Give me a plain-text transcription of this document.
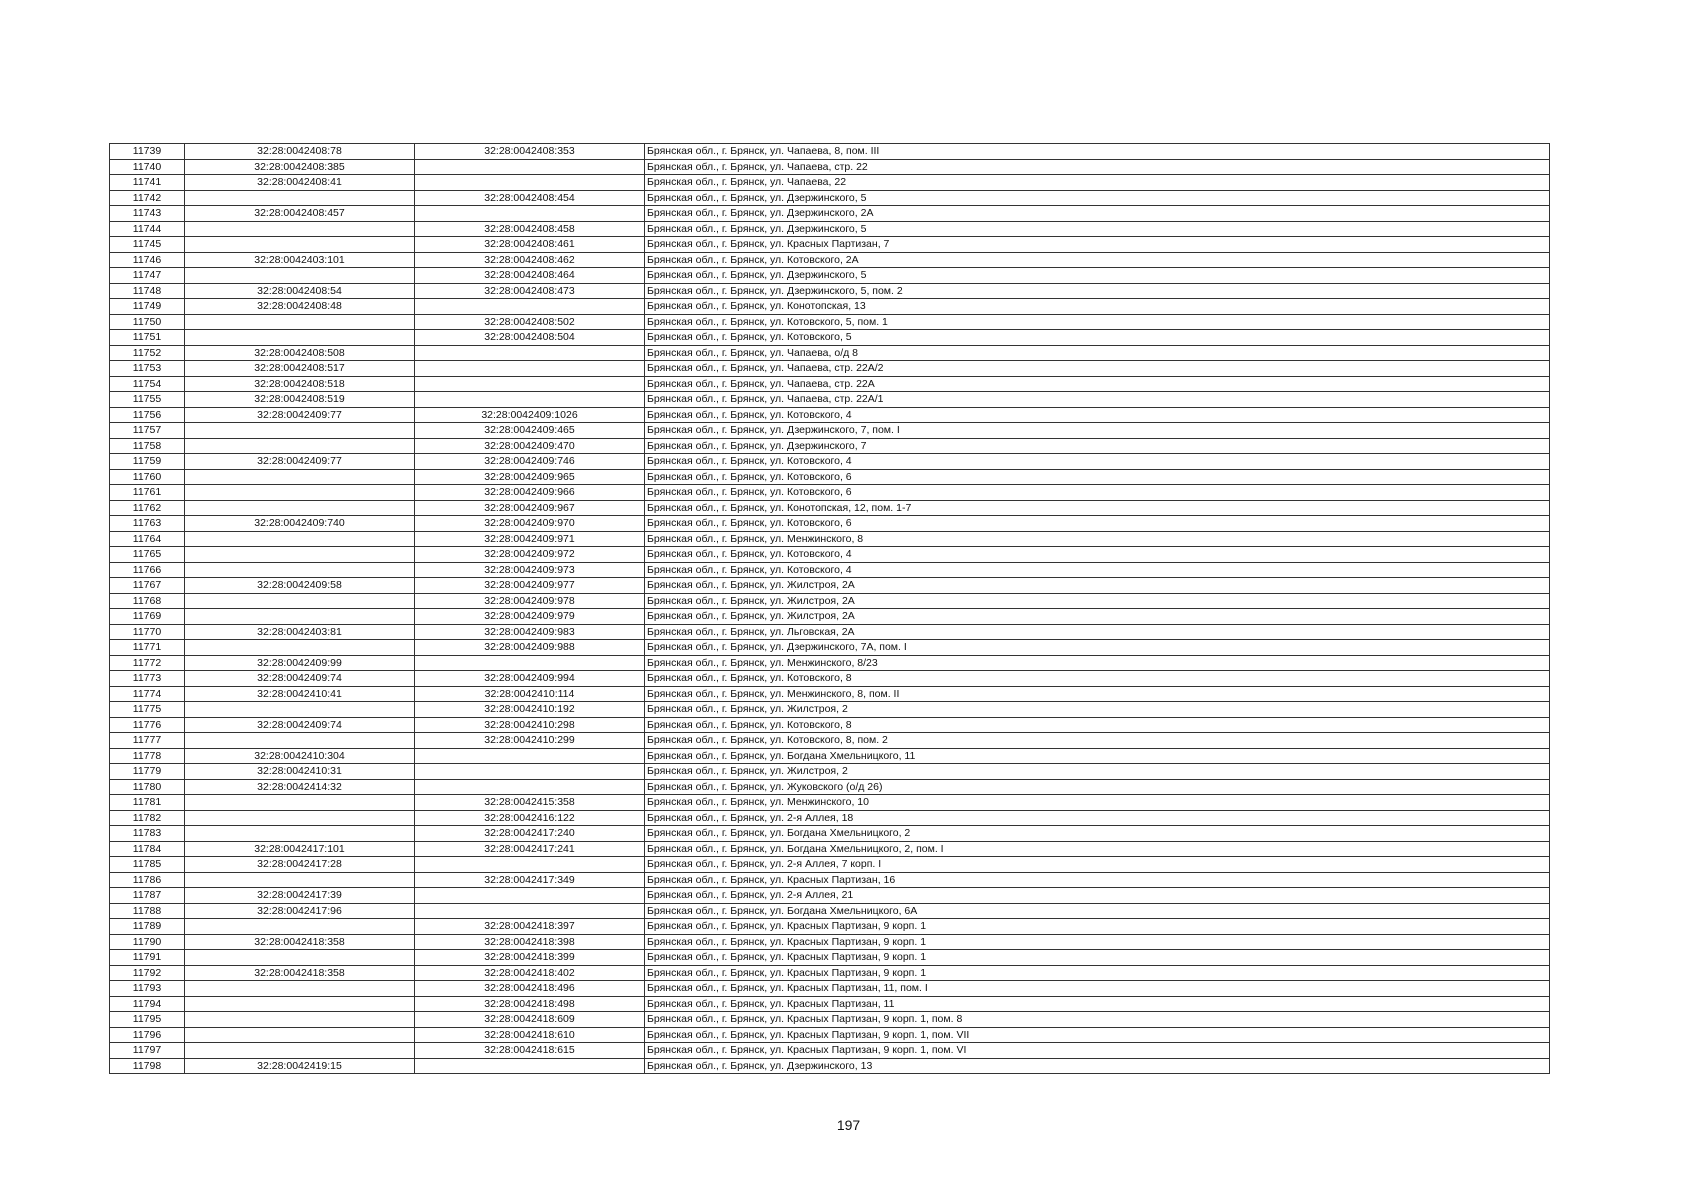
11739	32:28:0042408:78	32:28:0042408:353	Брянская обл., г. Брянск, ул. Чапаева, 8, пом. III
11740	32:28:0042408:385		Брянская обл., г. Брянск, ул. Чапаева, стр. 22
11741	32:28:0042408:41		Брянская обл., г. Брянск, ул. Чапаева, 22
11742		32:28:0042408:454	Брянская обл., г. Брянск, ул. Дзержинского, 5
11743	32:28:0042408:457		Брянская обл., г. Брянск, ул. Дзержинского, 2А
11744		32:28:0042408:458	Брянская обл., г. Брянск, ул. Дзержинского, 5
11745		32:28:0042408:461	Брянская обл., г. Брянск, ул. Красных Партизан, 7
11746	32:28:0042403:101	32:28:0042408:462	Брянская обл., г. Брянск, ул. Котовского, 2А
11747		32:28:0042408:464	Брянская обл., г. Брянск, ул. Дзержинского, 5
11748	32:28:0042408:54	32:28:0042408:473	Брянская обл., г. Брянск, ул. Дзержинского, 5, пом. 2
11749	32:28:0042408:48		Брянская обл., г. Брянск, ул. Конотопская, 13
11750		32:28:0042408:502	Брянская обл., г. Брянск, ул. Котовского, 5, пом. 1
11751		32:28:0042408:504	Брянская обл., г. Брянск, ул. Котовского, 5
11752	32:28:0042408:508		Брянская обл., г. Брянск, ул. Чапаева, о/д 8
11753	32:28:0042408:517		Брянская обл., г. Брянск, ул. Чапаева, стр. 22А/2
11754	32:28:0042408:518		Брянская обл., г. Брянск, ул. Чапаева, стр. 22А
11755	32:28:0042408:519		Брянская обл., г. Брянск, ул. Чапаева, стр. 22А/1
11756	32:28:0042409:77	32:28:0042409:1026	Брянская обл., г. Брянск, ул. Котовского, 4
11757		32:28:0042409:465	Брянская обл., г. Брянск, ул. Дзержинского, 7, пом. I
11758		32:28:0042409:470	Брянская обл., г. Брянск, ул. Дзержинского, 7
11759	32:28:0042409:77	32:28:0042409:746	Брянская обл., г. Брянск, ул. Котовского, 4
11760		32:28:0042409:965	Брянская обл., г. Брянск, ул. Котовского, 6
11761		32:28:0042409:966	Брянская обл., г. Брянск, ул. Котовского, 6
11762		32:28:0042409:967	Брянская обл., г. Брянск, ул. Конотопская, 12, пом. 1-7
11763	32:28:0042409:740	32:28:0042409:970	Брянская обл., г. Брянск, ул. Котовского, 6
11764		32:28:0042409:971	Брянская обл., г. Брянск, ул. Менжинского, 8
11765		32:28:0042409:972	Брянская обл., г. Брянск, ул. Котовского, 4
11766		32:28:0042409:973	Брянская обл., г. Брянск, ул. Котовского, 4
11767	32:28:0042409:58	32:28:0042409:977	Брянская обл., г. Брянск, ул. Жилстроя, 2А
11768		32:28:0042409:978	Брянская обл., г. Брянск, ул. Жилстроя, 2А
11769		32:28:0042409:979	Брянская обл., г. Брянск, ул. Жилстроя, 2А
11770	32:28:0042403:81	32:28:0042409:983	Брянская обл., г. Брянск, ул. Льговская, 2А
11771		32:28:0042409:988	Брянская обл., г. Брянск, ул. Дзержинского, 7А, пом. I
11772	32:28:0042409:99		Брянская обл., г. Брянск, ул. Менжинского, 8/23
11773	32:28:0042409:74	32:28:0042409:994	Брянская обл., г. Брянск, ул. Котовского, 8
11774	32:28:0042410:41	32:28:0042410:114	Брянская обл., г. Брянск, ул. Менжинского, 8, пом. II
11775		32:28:0042410:192	Брянская обл., г. Брянск, ул. Жилстроя, 2
11776	32:28:0042409:74	32:28:0042410:298	Брянская обл., г. Брянск, ул. Котовского, 8
11777		32:28:0042410:299	Брянская обл., г. Брянск, ул. Котовского, 8, пом. 2
11778	32:28:0042410:304		Брянская обл., г. Брянск, ул. Богдана Хмельницкого, 11
11779	32:28:0042410:31		Брянская обл., г. Брянск, ул. Жилстроя, 2
11780	32:28:0042414:32		Брянская обл., г. Брянск, ул. Жуковского (о/д 26)
11781		32:28:0042415:358	Брянская обл., г. Брянск, ул. Менжинского, 10
11782		32:28:0042416:122	Брянская обл., г. Брянск, ул. 2-я Аллея, 18
11783		32:28:0042417:240	Брянская обл., г. Брянск, ул. Богдана Хмельницкого, 2
11784	32:28:0042417:101	32:28:0042417:241	Брянская обл., г. Брянск, ул. Богдана Хмельницкого, 2, пом. I
11785	32:28:0042417:28		Брянская обл., г. Брянск, ул. 2-я Аллея, 7 корп. I
11786		32:28:0042417:349	Брянская обл., г. Брянск, ул. Красных Партизан, 16
11787	32:28:0042417:39		Брянская обл., г. Брянск, ул. 2-я Аллея, 21
11788	32:28:0042417:96		Брянская обл., г. Брянск, ул. Богдана Хмельницкого, 6А
11789		32:28:0042418:397	Брянская обл., г. Брянск, ул. Красных Партизан, 9 корп. 1
11790	32:28:0042418:358	32:28:0042418:398	Брянская обл., г. Брянск, ул. Красных Партизан, 9 корп. 1
11791		32:28:0042418:399	Брянская обл., г. Брянск, ул. Красных Партизан, 9 корп. 1
11792	32:28:0042418:358	32:28:0042418:402	Брянская обл., г. Брянск, ул. Красных Партизан, 9 корп. 1
11793		32:28:0042418:496	Брянская обл., г. Брянск, ул. Красных Партизан, 11, пом. I
11794		32:28:0042418:498	Брянская обл., г. Брянск, ул. Красных Партизан, 11
11795		32:28:0042418:609	Брянская обл., г. Брянск, ул. Красных Партизан, 9 корп. 1, пом. 8
11796		32:28:0042418:610	Брянская обл., г. Брянск, ул. Красных Партизан, 9 корп. 1, пом. VII
11797		32:28:0042418:615	Брянская обл., г. Брянск, ул. Красных Партизан, 9 корп. 1, пом. VI
11798	32:28:0042419:15		Брянская обл., г. Брянск, ул. Дзержинского, 13
197
